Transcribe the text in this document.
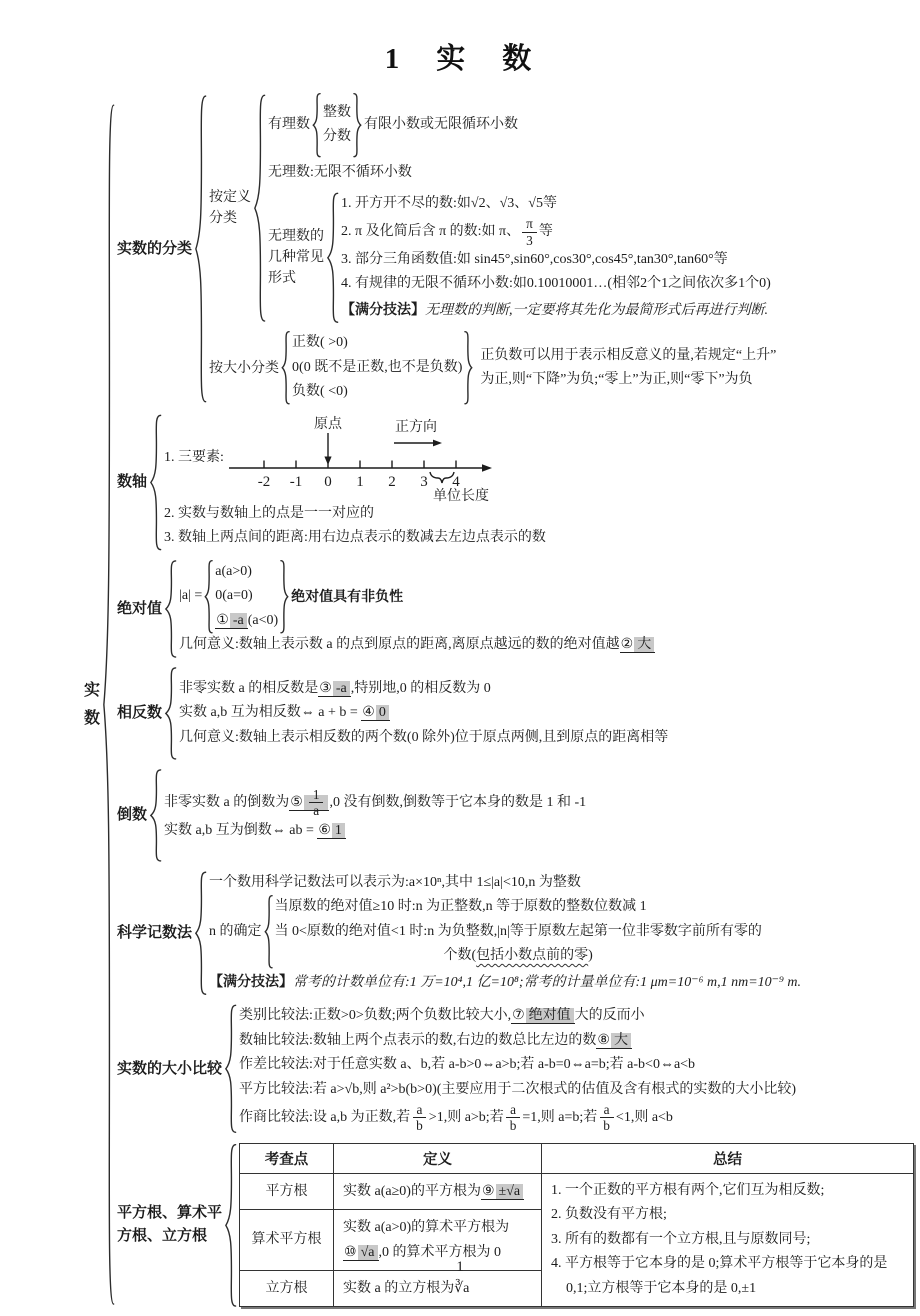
1　实　数
实
数
实数的分类
按定义
分类
有理数
整数
分数
有限小数或无限循环小数
无理数:无限不循环小数
无理数的
几种常见
形式
1. 开方开不尽的数:如√2、√3、√5等
2. π 及化简后含 π 的数:如 π、 $\frac{\pi}{3}$ 等
3. 部分三角函数值:如 sin45°,sin60°,cos30°,cos45°,tan30°,tan60°等
4. 有规律的无限不循环小数:如0.10010001…(相邻2个1之间依次多1个0)
【满分技法】无理数的判断,一定要将其先化为最简形式后再进行判断.
按大小分类
正数( >0)
0(0 既不是正数,也不是负数)
负数( <0)
正负数可以用于表示相反意义的量,若规定“上升”
为正,则“下降”为负;“零上”为正,则“零下”为负
数轴
1. 三要素:
原点	正方向
-2 -1 0 1 2 3 4
单位长度
2. 实数与数轴上的点是一一对应的
3. 数轴上两点间的距离:用右边点表示的数减去左边点表示的数
绝对值
|a| =
a(a>0)
0(a=0)
① -a (a<0)
绝对值具有非负性
几何意义:数轴上表示数 a 的点到原点的距离,离原点越远的数的绝对值越② 大
相反数
非零实数 a 的相反数是③ -a ,特别地,0 的相反数为 0
实数 a,b 互为相反数⇔ a + b = ④ 0
几何意义:数轴上表示相反数的两个数(0 除外)位于原点两侧,且到原点的距离相等
倒数
非零实数 a 的倒数为⑤ $\frac{1}{a} ,0$ 没有倒数,倒数等于它本身的数是 1 和 -1
实数 a,b 互为倒数⇔ ab = ⑥ 1
科学记数法
一个数用科学记数法可以表示为:a×10ⁿ,其中 1≤|a|<10,n 为整数
n 的确定
当原数的绝对值≥10 时:n 为正整数,n 等于原数的整数位数减 1
当 0<原数的绝对值<1 时:n 为负整数,|n|等于原数左起第一位非零数字前所有零的
个数(包括小数点前的零)
【满分技法】常考的计数单位有:1 万=10⁴,1 亿=10⁸;常考的计量单位有:1 μm=10⁻⁶ m,1 nm=10⁻⁹ m.
实数的大小比较
类别比较法:正数>0>负数;两个负数比较大小,⑦ 绝对值 大的反而小
数轴比较法:数轴上两个点表示的数,右边的数总比左边的数⑧ 大
作差比较法:对于任意实数 a、b,若 a-b>0⇔a>b;若 a-b=0⇔a=b;若 a-b<0⇔a<b
平方比较法:若 a>√b,则 a²>b(b>0)(主要应用于二次根式的估值及含有根式的实数的大小比较)
作商比较法:设 a,b 为正数,若 $\frac{a}{b} >1$,则 a>b;若 $\frac{a}{b} =1$,则 a=b;若 $\frac{a}{b} <1$,则 a<b
平方根、算术平
方根、立方根
考查点	定义	总结
平方根	实数 a(a≥0)的平方根为⑨ ±√a	1. 一个正数的平方根有两个,它们互为相反数;
2. 负数没有平方根;
3. 所有的数都有一个立方根,且与原数同号;
4. 平方根等于它本身的是 0;算术平方根等于它本身的是 0,1;立方根等于它本身的是 0,±1

算术平方根	实数 a(a>0)的算术平方根为⑩ √a ,0 的算术平方根为 0	
立方根	实数 a 的立方根为∛a	
1
